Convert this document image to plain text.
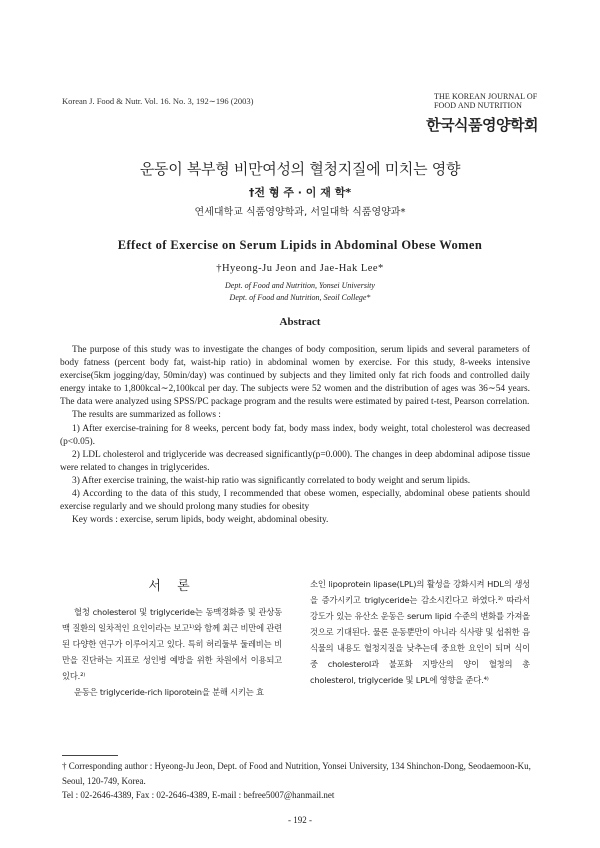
Korean J. Food & Nutr. Vol. 16. No. 3, 192∼196 (2003)	THE KOREAN JOURNAL OF
FOOD AND NUTRITION
한국식품영양학회
운동이 복부형 비만여성의 혈청지질에 미치는 영향
†전 형 주 · 이 재 학*
연세대학교 식품영양학과, 서일대학 식품영양과*
Effect of Exercise on Serum Lipids in Abdominal Obese Women
†Hyeong-Ju Jeon and Jae-Hak Lee*
Dept. of Food and Nutrition, Yonsei University
Dept. of Food and Nutrition, Seoil College*
Abstract

The purpose of this study was to investigate the changes of body composition, serum lipids and several parameters of body fatness (percent body fat, waist-hip ratio) in abdominal women by exercise. For this study, 8-weeks intensive exercise(5km jogging/day, 50min/day) was continued by subjects and they limited only fat rich foods and controlled daily energy intake to 1,800kcal∼2,100kcal per day. The subjects were 52 women and the distribution of ages was 36∼54 years. The data were analyzed using SPSS/PC package program and the results were estimated by paired t-test, Pearson correlation.

The results are summarized as follows :

1) After exercise-training for 8 weeks, percent body fat, body mass index, body weight, total cholesterol was decreased (p<0.05).

2) LDL cholesterol and triglyceride was decreased significantly(p=0.000). The changes in deep abdominal adipose tissue were related to changes in triglycerides.

3) After exercise training, the waist-hip ratio was significantly correlated to body weight and serum lipids.

4) According to the data of this study, I recommended that obese women, especially, abdominal obese patients should exercise regularly and we should prolong many studies for obesity

Key words : exercise, serum lipids, body weight, abdominal obesity.

서 론

혈청 cholesterol 및 triglyceride는 동맥경화증 및 관상동맥 질환의 일차적인 요인이라는 보고¹⁾와 함께 최근 비만에 관련된 다양한 연구가 이루어지고 있다. 특히 허리둘부 둘레비는 비만을 진단하는 지표로 성인병 예방을 위한 차원에서 이용되고 있다.²⁾

운동은 triglyceride-rich liporotein을 분해 시키는 효

소인 lipoprotein lipase(LPL)의 활성을 강화시켜 HDL의 생성을 증가시키고 triglyceride는 감소시킨다고 하였다.³⁾ 따라서 강도가 있는 유산소 운동은 serum lipid 수준의 변화를 가져올 것으로 기대된다. 물론 운동뿐만이 아니라 식사량 및 섭취한 음식물의 내용도 혈청지질을 낮추는데 중요한 요인이 되며 식이 중 cholesterol과 불포화 지방산의 양이 혈청의 총 cholesterol, triglyceride 및 LPL에 영향을 준다.⁴⁾

† Corresponding author : Hyeong-Ju Jeon, Dept. of Food and Nutrition, Yonsei University, 134 Shinchon-Dong, Seodaemoon-Ku, Seoul, 120-749, Korea.

Tel : 02-2646-4389, Fax : 02-2646-4389, E-mail : befree5007@hanmail.net

- 192 -
